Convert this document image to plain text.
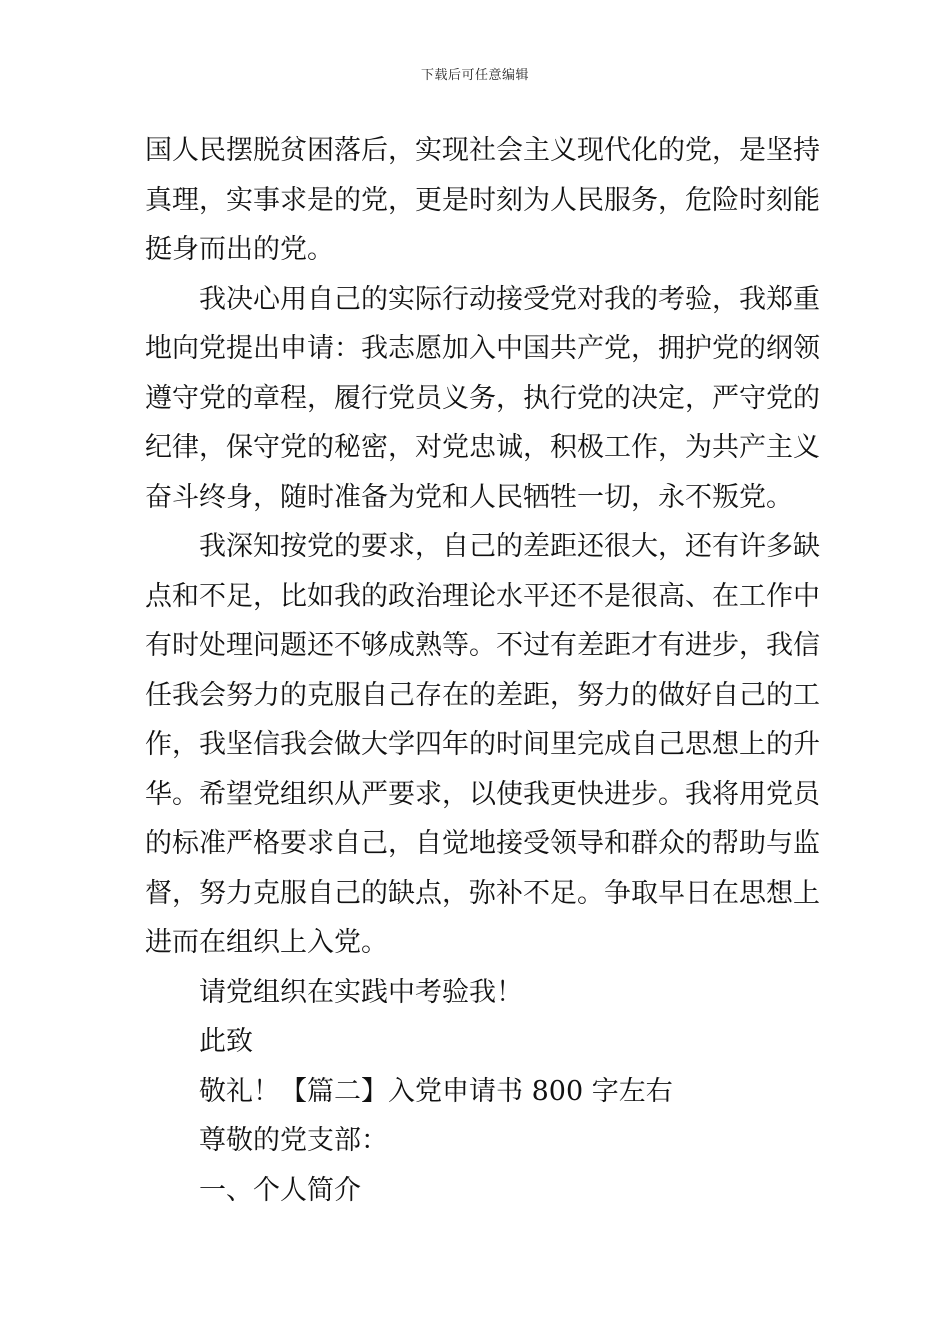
下载后可任意编辑
国人民摆脱贫困落后，实现社会主义现代化的党，是坚持
真理，实事求是的党，更是时刻为人民服务，危险时刻能
挺身而出的党。
我决心用自己的实际行动接受党对我的考验，我郑重
地向党提出申请：我志愿加入中国共产党，拥护党的纲领
遵守党的章程，履行党员义务，执行党的决定，严守党的
纪律，保守党的秘密，对党忠诚，积极工作，为共产主义
奋斗终身，随时准备为党和人民牺牲一切，永不叛党。
我深知按党的要求，自己的差距还很大，还有许多缺
点和不足，比如我的政治理论水平还不是很高、在工作中
有时处理问题还不够成熟等。不过有差距才有进步，我信
任我会努力的克服自己存在的差距，努力的做好自己的工
作，我坚信我会做大学四年的时间里完成自己思想上的升
华。希望党组织从严要求，以使我更快进步。我将用党员
的标准严格要求自己，自觉地接受领导和群众的帮助与监
督，努力克服自己的缺点，弥补不足。争取早日在思想上
进而在组织上入党。
请党组织在实践中考验我！
此致
敬礼！【篇二】入党申请书 800 字左右
尊敬的党支部：
一、个人简介
